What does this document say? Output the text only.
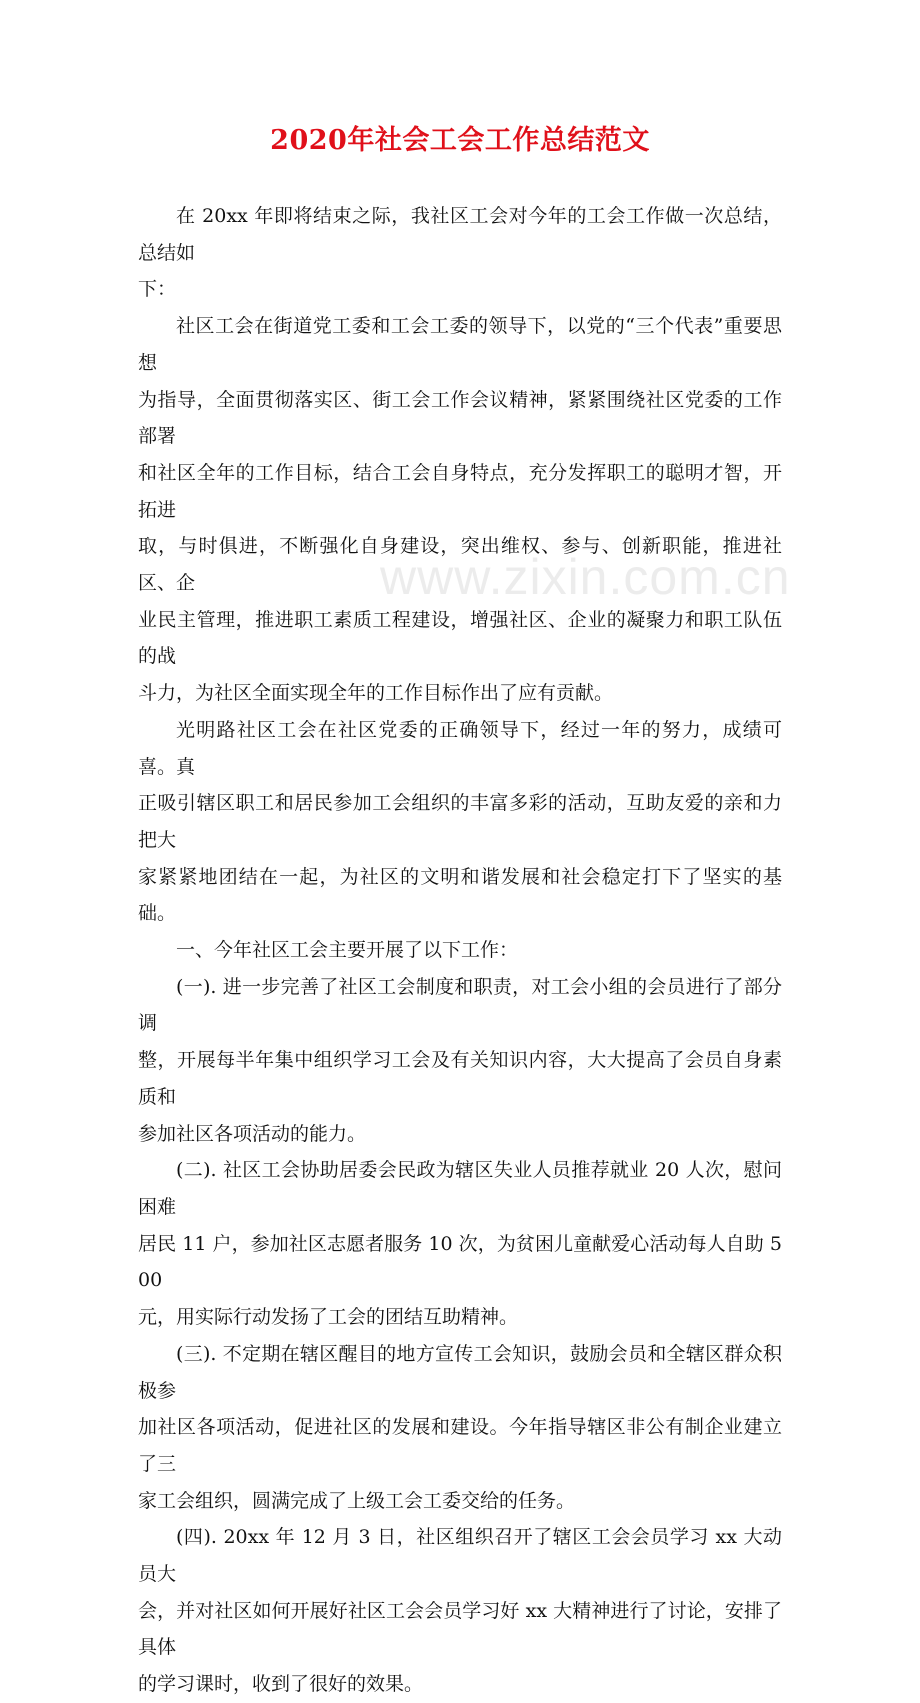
2020年社会工会工作总结范文
www.zixin.com.cn

在 20xx 年即将结束之际，我社区工会对今年的工会工作做一次总结，总结如
下：

社区工会在街道党工委和工会工委的领导下，以党的“三个代表”重要思想
为指导，全面贯彻落实区、街工会工作会议精神，紧紧围绕社区党委的工作部署
和社区全年的工作目标，结合工会自身特点，充分发挥职工的聪明才智，开拓进
取，与时俱进，不断强化自身建设，突出维权、参与、创新职能，推进社区、企
业民主管理，推进职工素质工程建设，增强社区、企业的凝聚力和职工队伍的战
斗力，为社区全面实现全年的工作目标作出了应有贡献。

光明路社区工会在社区党委的正确领导下，经过一年的努力，成绩可喜。真
正吸引辖区职工和居民参加工会组织的丰富多彩的活动，互助友爱的亲和力把大
家紧紧地团结在一起，为社区的文明和谐发展和社会稳定打下了坚实的基础。

一、今年社区工会主要开展了以下工作：

(一). 进一步完善了社区工会制度和职责，对工会小组的会员进行了部分调
整，开展每半年集中组织学习工会及有关知识内容，大大提高了会员自身素质和
参加社区各项活动的能力。

(二). 社区工会协助居委会民政为辖区失业人员推荐就业 20 人次，慰问困难
居民 11 户，参加社区志愿者服务 10 次，为贫困儿童献爱心活动每人自助 500
元，用实际行动发扬了工会的团结互助精神。

(三). 不定期在辖区醒目的地方宣传工会知识，鼓励会员和全辖区群众积极参
加社区各项活动，促进社区的发展和建设。今年指导辖区非公有制企业建立了三
家工会组织，圆满完成了上级工会工委交给的任务。

(四). 20xx 年 12 月 3 日，社区组织召开了辖区工会会员学习 xx 大动员大
会，并对社区如何开展好社区工会会员学习好 xx 大精神进行了讨论，安排了具体
的学习课时，收到了很好的效果。
